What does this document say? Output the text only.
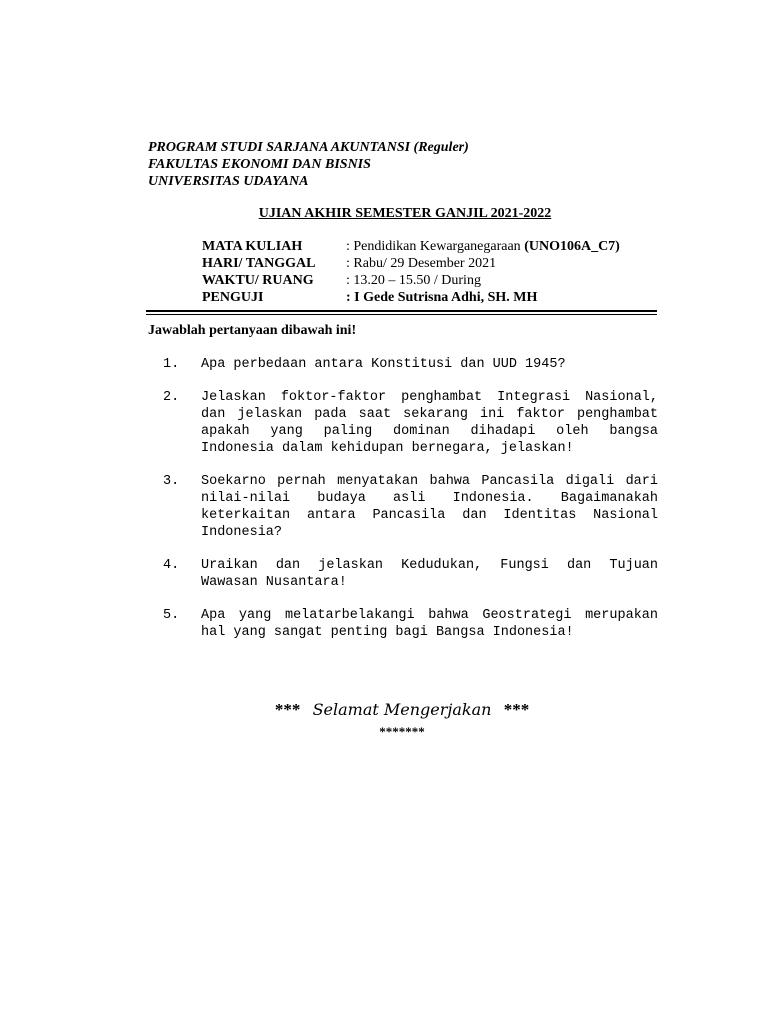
PROGRAM STUDI SARJANA AKUNTANSI (Reguler)
FAKULTAS EKONOMI DAN BISNIS
UNIVERSITAS UDAYANA
UJIAN AKHIR SEMESTER GANJIL 2021-2022
MATA KULIAH	: Pendidikan Kewarganegaraan (UNO106A_C7)
HARI/ TANGGAL	: Rabu/ 29 Desember 2021
WAKTU/ RUANG	: 13.20 – 15.50 / During
PENGUJI	: I Gede Sutrisna Adhi, SH. MH
Jawablah pertanyaan dibawah ini!
1. Apa perbedaan antara Konstitusi dan UUD 1945?
2. Jelaskan foktor-faktor penghambat Integrasi Nasional, dan jelaskan pada saat sekarang ini faktor penghambat apakah yang paling dominan dihadapi oleh bangsa Indonesia dalam kehidupan bernegara, jelaskan!
3. Soekarno pernah menyatakan bahwa Pancasila digali dari nilai-nilai budaya asli Indonesia. Bagaimanakah keterkaitan antara Pancasila dan Identitas Nasional Indonesia?
4. Uraikan dan jelaskan Kedudukan, Fungsi dan Tujuan Wawasan Nusantara!
5. Apa yang melatarbelakangi bahwa Geostrategi merupakan hal yang sangat penting bagi Bangsa Indonesia!
*** Selamat Mengerjakan ***
*******
